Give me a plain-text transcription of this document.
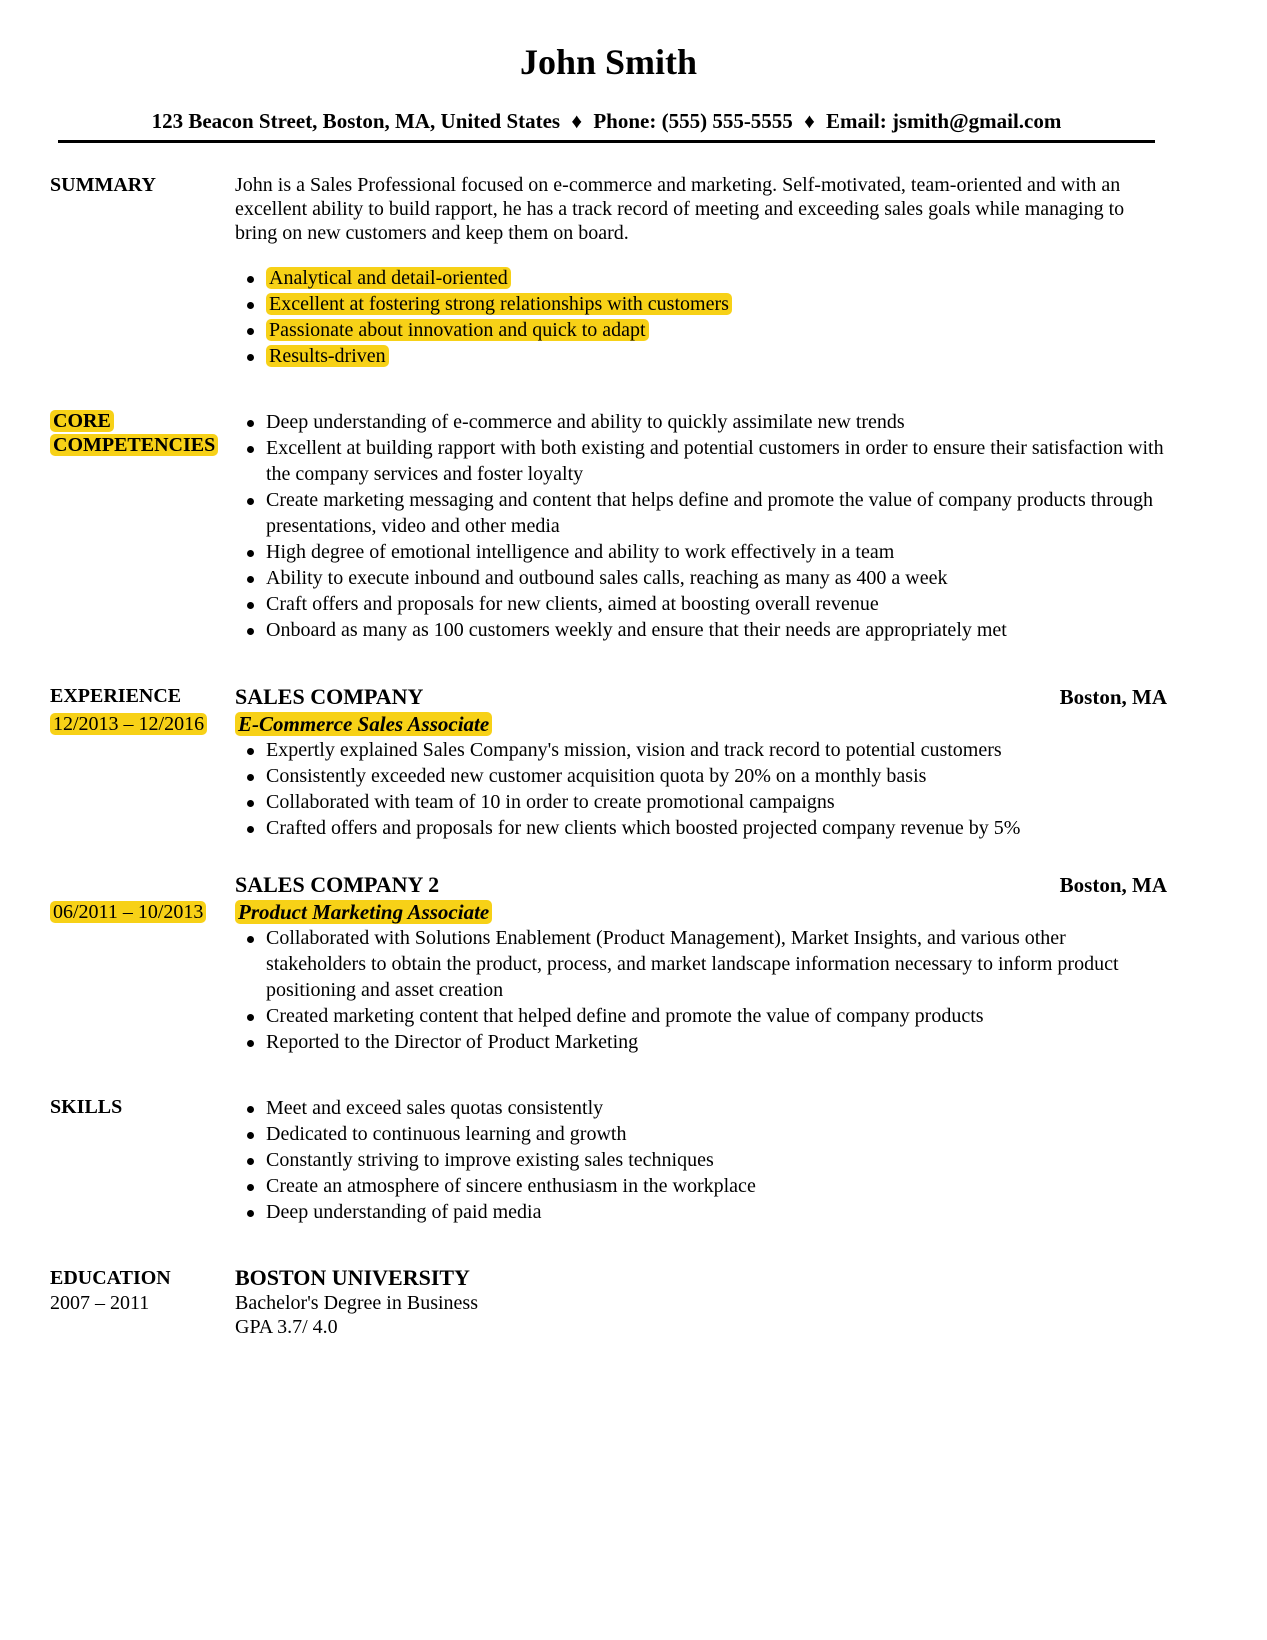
John Smith
123 Beacon Street, Boston, MA, United States ♦ Phone: (555) 555-5555 ♦ Email: jsmith@gmail.com
SUMMARY	John is a Sales Professional focused on e-commerce and marketing. Self-motivated, team-oriented and with an excellent ability to build rapport, he has a track record of meeting and exceeding sales goals while managing to bring on new customers and keep them on board.

Analytical and detail-oriented
Excellent at fostering strong relationships with customers
Passionate about innovation and quick to adapt
Results-driven
CORE
COMPETENCIES
Deep understanding of e-commerce and ability to quickly assimilate new trends
Excellent at building rapport with both existing and potential customers in order to ensure their satisfaction with the company services and foster loyalty
Create marketing messaging and content that helps define and promote the value of company products through presentations, video and other media
High degree of emotional intelligence and ability to work effectively in a team
Ability to execute inbound and outbound sales calls, reaching as many as 400 a week
Craft offers and proposals for new clients, aimed at boosting overall revenue
Onboard as many as 100 customers weekly and ensure that their needs are appropriately met
EXPERIENCE
12/2013 – 12/2016
SALES COMPANY	Boston, MA
E-Commerce Sales Associate
Expertly explained Sales Company's mission, vision and track record to potential customers
Consistently exceeded new customer acquisition quota by 20% on a monthly basis
Collaborated with team of 10 in order to create promotional campaigns
Crafted offers and proposals for new clients which boosted projected company revenue by 5%

06/2011 – 10/2013
SALES COMPANY 2	Boston, MA
Product Marketing Associate
Collaborated with Solutions Enablement (Product Management), Market Insights, and various other stakeholders to obtain the product, process, and market landscape information necessary to inform product positioning and asset creation
Created marketing content that helped define and promote the value of company products
Reported to the Director of Product Marketing
SKILLS	Meet and exceed sales quotas consistently
Dedicated to continuous learning and growth
Constantly striving to improve existing sales techniques
Create an atmosphere of sincere enthusiasm in the workplace
Deep understanding of paid media
EDUCATION
2007 – 2011
BOSTON UNIVERSITY
Bachelor's Degree in Business
GPA 3.7/ 4.0
